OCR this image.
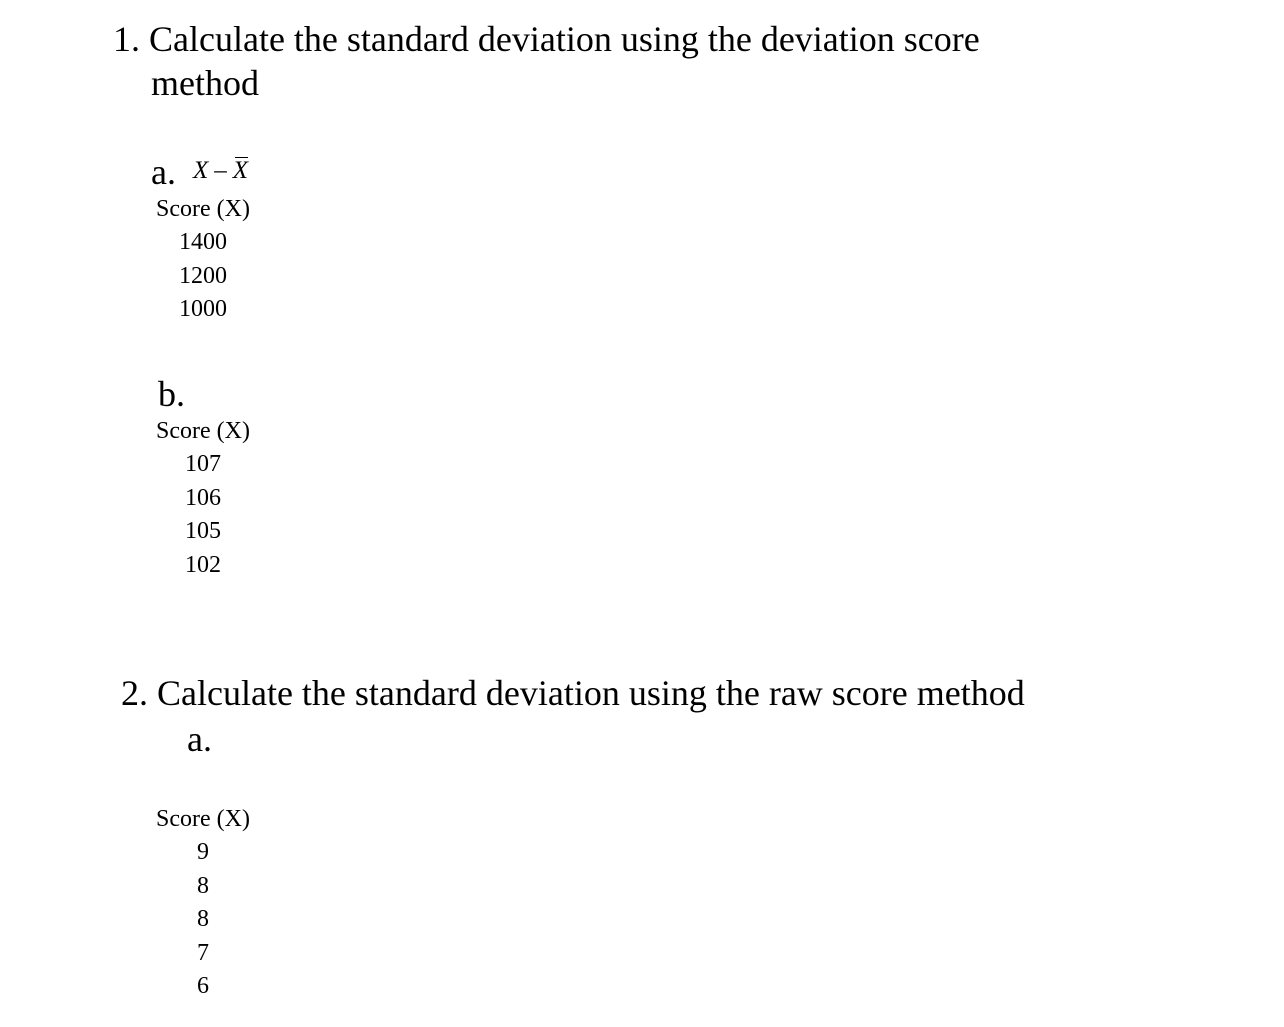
1. Calculate the standard deviation using the deviation score
method
a. X – X
Score (X)
1400
1200
1000
b.
Score (X)
107
106
105
102
2. Calculate the standard deviation using the raw score method
a.
Score (X)
9
8
8
7
6
